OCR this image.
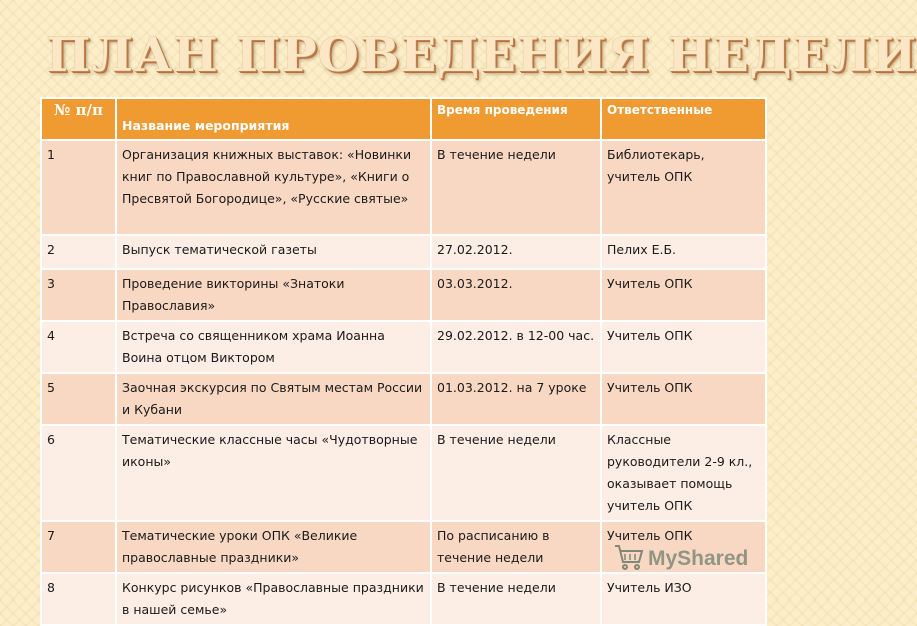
ПЛАН ПРОВЕДЕНИЯ НЕДЕЛИ
№ п/п	Название мероприятия	Время проведения	Ответственные
1	Организация книжных выставок: «Новинки книг по Православной культуре», «Книги о Пресвятой Богородице», «Русские святые»	В течение недели	Библиотекарь, учитель ОПК
2	Выпуск тематической газеты	27.02.2012.	Пелих Е.Б.
3	Проведение викторины «Знатоки Православия»	03.03.2012.	Учитель ОПК
4	Встреча со священником храма Иоанна Воина отцом Виктором	29.02.2012. в 12-00 час.	Учитель ОПК
5	Заочная экскурсия по Святым местам России и Кубани	01.03.2012. на 7 уроке	Учитель ОПК
6	Тематические классные часы «Чудотворные иконы»	В течение недели	Классные руководители 2-9 кл., оказывает помощь учитель ОПК
7	Тематические уроки ОПК «Великие православные праздники»	По расписанию в течение недели	Учитель ОПК
8	Конкурс рисунков «Православные праздники в нашей семье»	В течение недели	Учитель ИЗО
MyShared
